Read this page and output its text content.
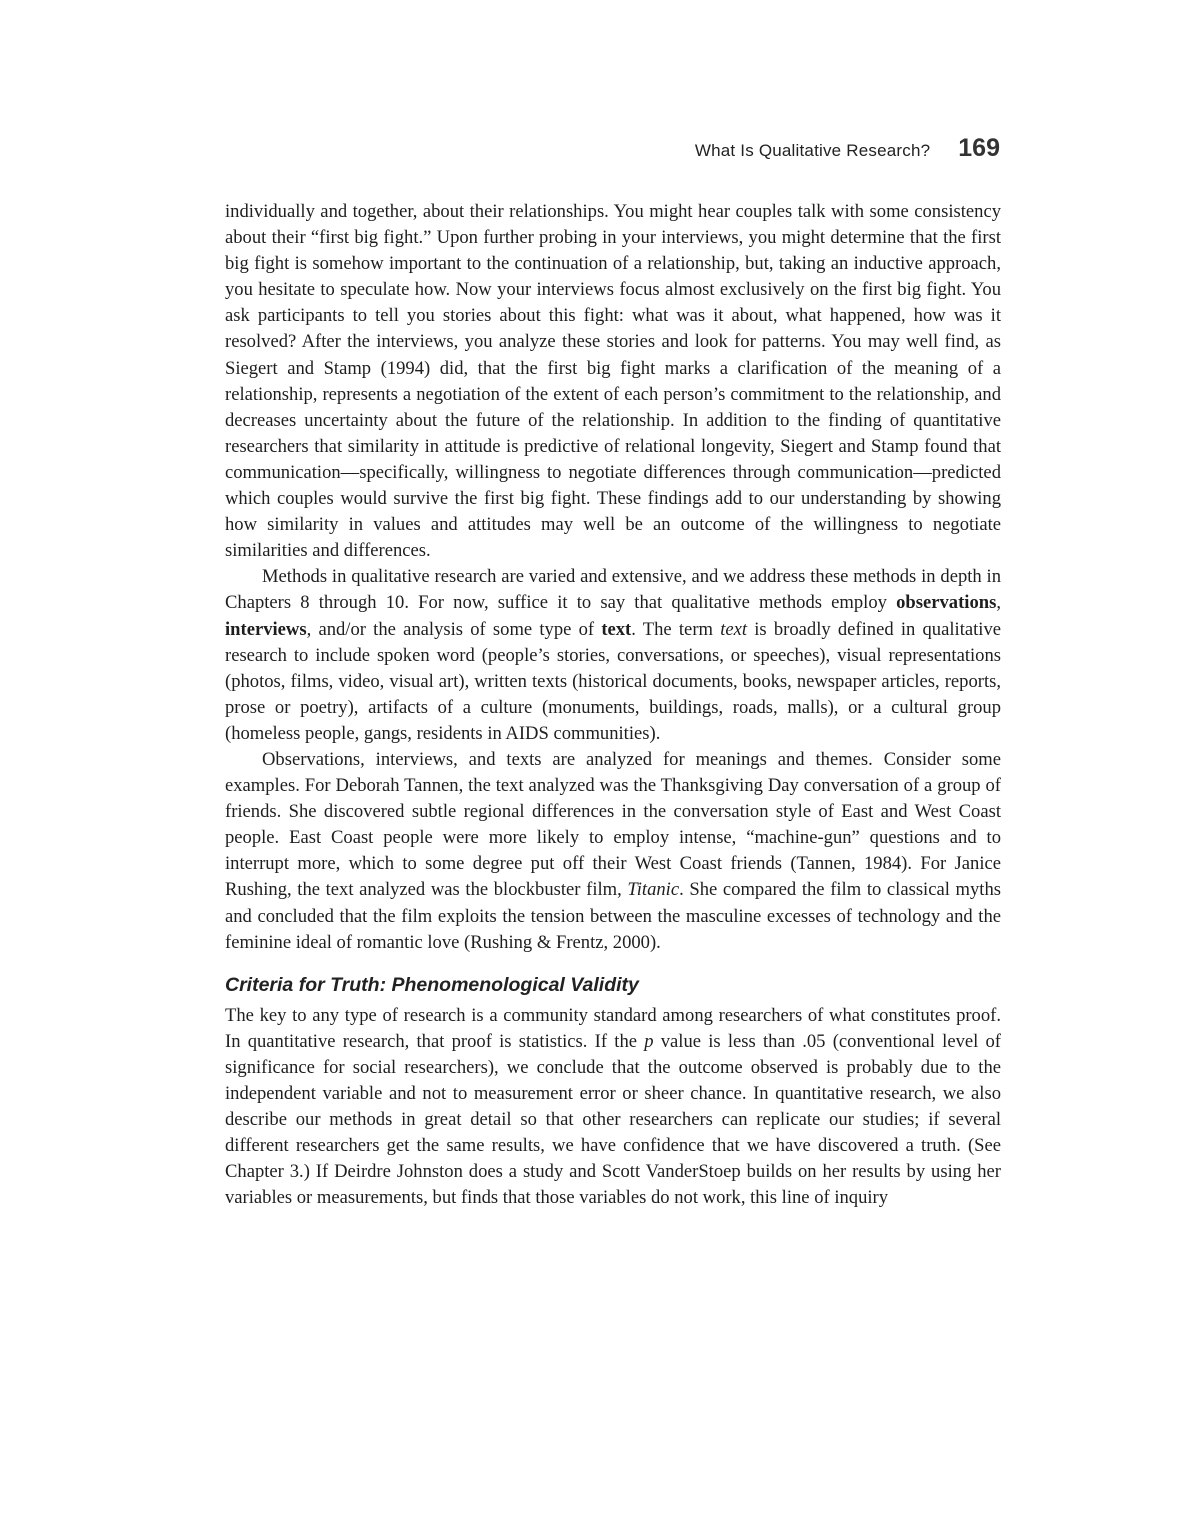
What Is Qualitative Research? 169

individually and together, about their relationships. You might hear couples talk with some consistency about their “first big fight.” Upon further probing in your interviews, you might determine that the first big fight is somehow important to the continuation of a relationship, but, taking an inductive approach, you hesitate to speculate how. Now your interviews focus almost exclusively on the first big fight. You ask participants to tell you stories about this fight: what was it about, what happened, how was it resolved? After the interviews, you analyze these stories and look for patterns. You may well find, as Siegert and Stamp (1994) did, that the first big fight marks a clarification of the meaning of a relationship, represents a negotiation of the extent of each person’s commitment to the relationship, and decreases uncertainty about the future of the relationship. In addition to the finding of quantitative researchers that similarity in attitude is predictive of relational longevity, Siegert and Stamp found that communication—specifically, willingness to negotiate differences through communication—predicted which couples would survive the first big fight. These findings add to our understanding by showing how similarity in values and attitudes may well be an outcome of the willingness to negotiate similarities and differences.

Methods in qualitative research are varied and extensive, and we address these methods in depth in Chapters 8 through 10. For now, suffice it to say that qualitative methods employ observations, interviews, and/or the analysis of some type of text. The term text is broadly defined in qualitative research to include spoken word (people’s stories, conversations, or speeches), visual representations (photos, films, video, visual art), written texts (historical documents, books, newspaper articles, reports, prose or poetry), artifacts of a culture (monuments, buildings, roads, malls), or a cultural group (homeless people, gangs, residents in AIDS communities).

Observations, interviews, and texts are analyzed for meanings and themes. Consider some examples. For Deborah Tannen, the text analyzed was the Thanksgiving Day conversation of a group of friends. She discovered subtle regional differences in the conversation style of East and West Coast people. East Coast people were more likely to employ intense, “machine-gun” questions and to interrupt more, which to some degree put off their West Coast friends (Tannen, 1984). For Janice Rushing, the text analyzed was the blockbuster film, Titanic. She compared the film to classical myths and concluded that the film exploits the tension between the masculine excesses of technology and the feminine ideal of romantic love (Rushing & Frentz, 2000).

Criteria for Truth: Phenomenological Validity

The key to any type of research is a community standard among researchers of what constitutes proof. In quantitative research, that proof is statistics. If the p value is less than .05 (conventional level of significance for social researchers), we conclude that the outcome observed is probably due to the independent variable and not to measurement error or sheer chance. In quantitative research, we also describe our methods in great detail so that other researchers can replicate our studies; if several different researchers get the same results, we have confidence that we have discovered a truth. (See Chapter 3.) If Deirdre Johnston does a study and Scott VanderStoep builds on her results by using her variables or measurements, but finds that those variables do not work, this line of inquiry
